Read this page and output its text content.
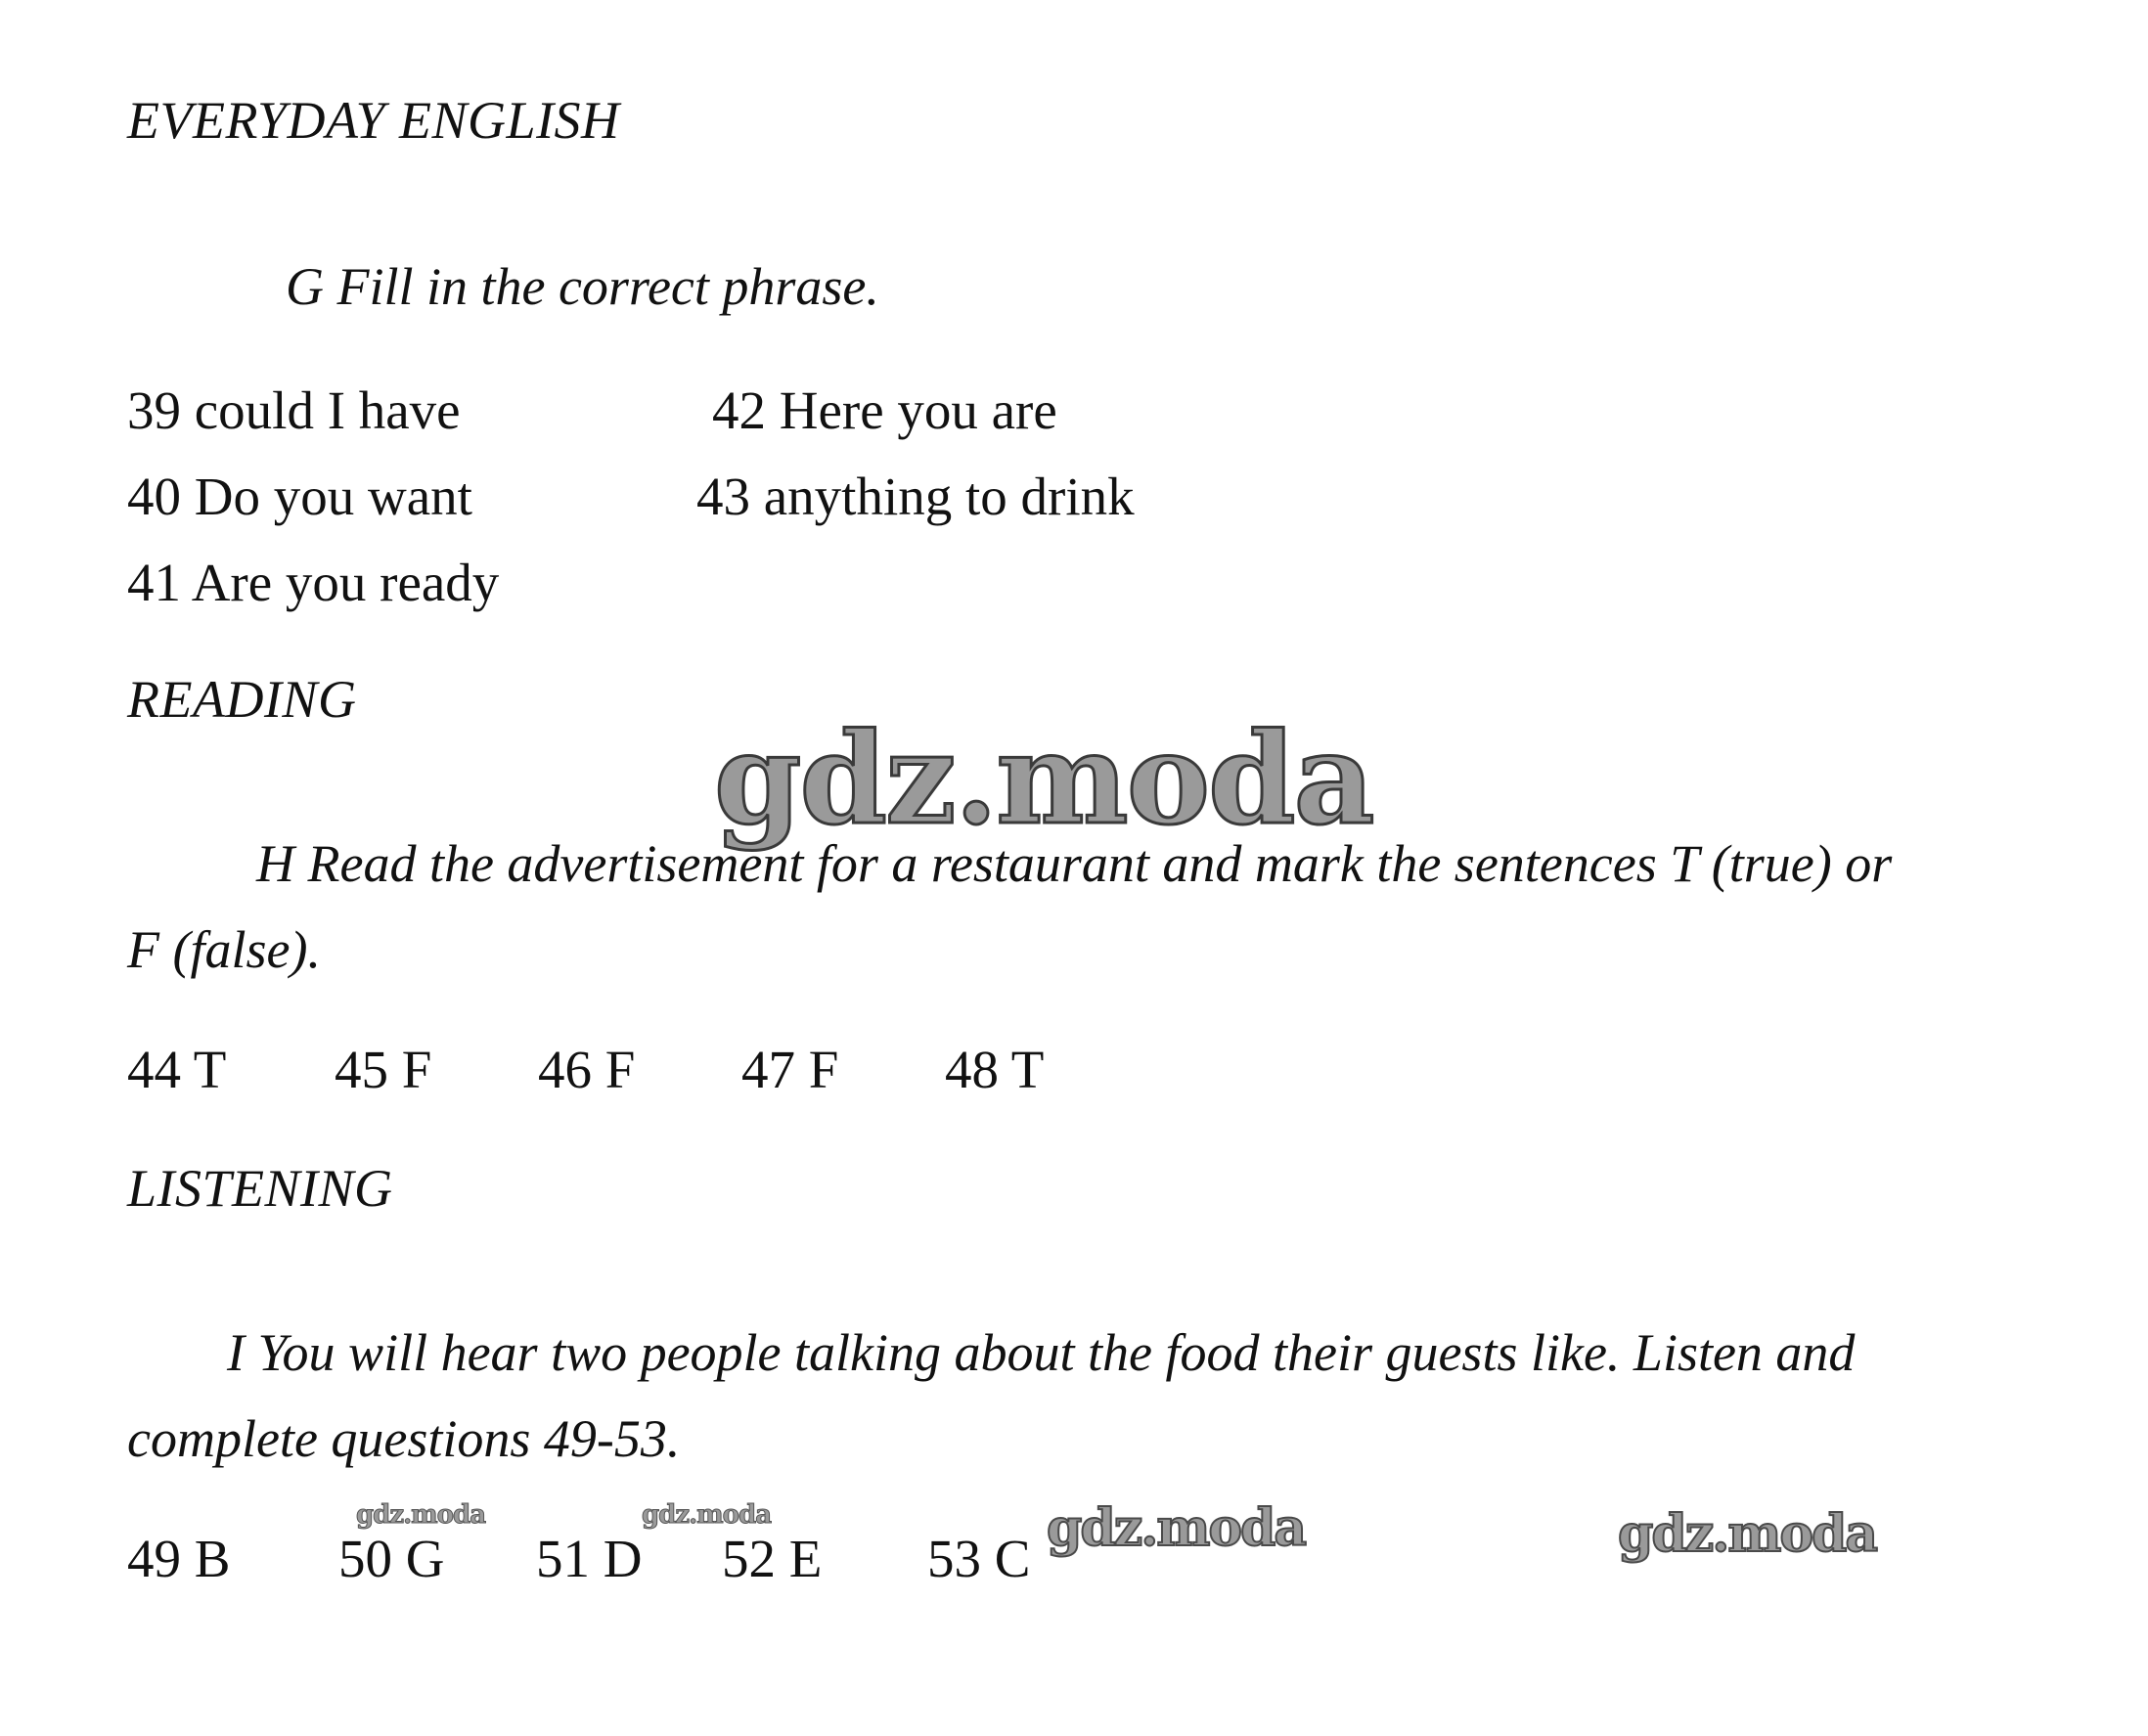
EVERYDAY ENGLISH
G Fill in the correct phrase.
39 could I have
40 Do you want
41 Are you ready
42 Here you are
43 anything to drink
READING
gdz.moda
H Read the advertisement for a restaurant and mark the sentences T (true) or
F (false).
44 T 45 F 46 F 47 F 48 T
LISTENING
I You will hear two people talking about the food their guests like. Listen and
complete questions 49-53.
49 B 50 G 51 D 52 E 53 C
gdz.moda	gdz.moda	gdz.moda	gdz.moda
